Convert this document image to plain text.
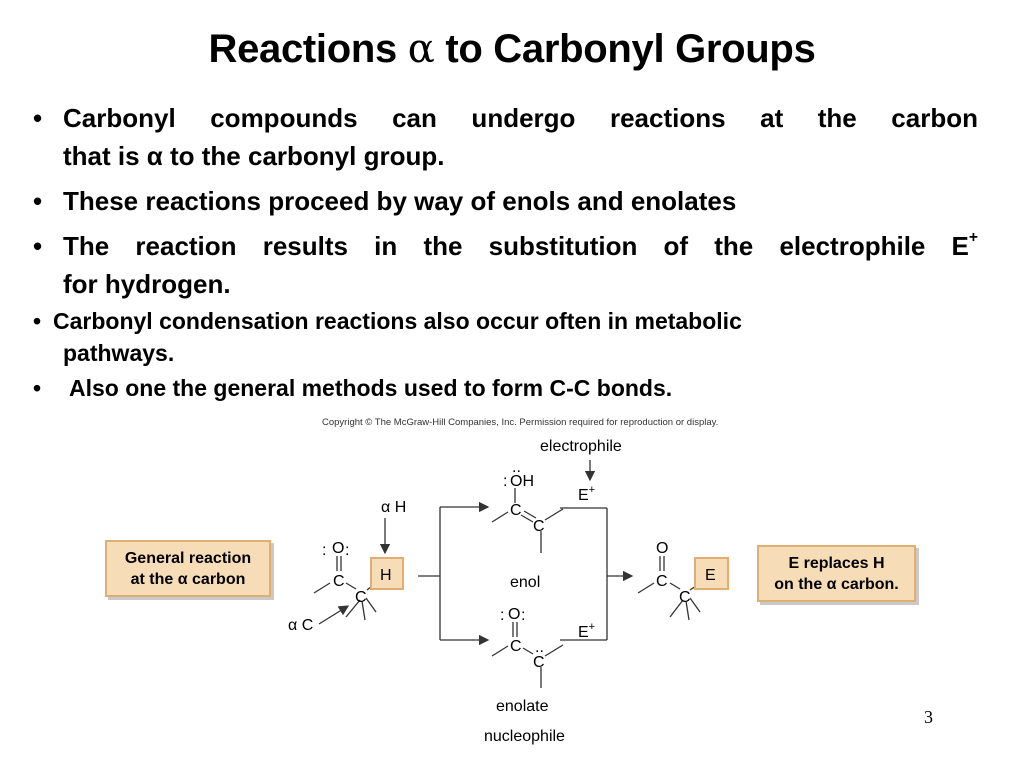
Reactions α to Carbonyl Groups
• Carbonyl compounds can undergo reactions at the carbon
that is α to the carbonyl group.
• These reactions proceed by way of enols and enolates
• The reaction results in the substitution of the electrophile E+
for hydrogen.
• Carbonyl condensation reactions also occur often in metabolic
pathways.
• Also one the general methods used to form C-C bonds.
Copyright © The McGraw-Hill Companies, Inc. Permission required for reproduction or display.
General reaction
at the α carbon
E replaces H
on the α carbon.
: O :
C
C
H
α H
α C
:
..
OH
C
C
E+
electrophile
enol
: O :
C ..
C
E+
enolate
nucleophile
O
C
C
E
3
